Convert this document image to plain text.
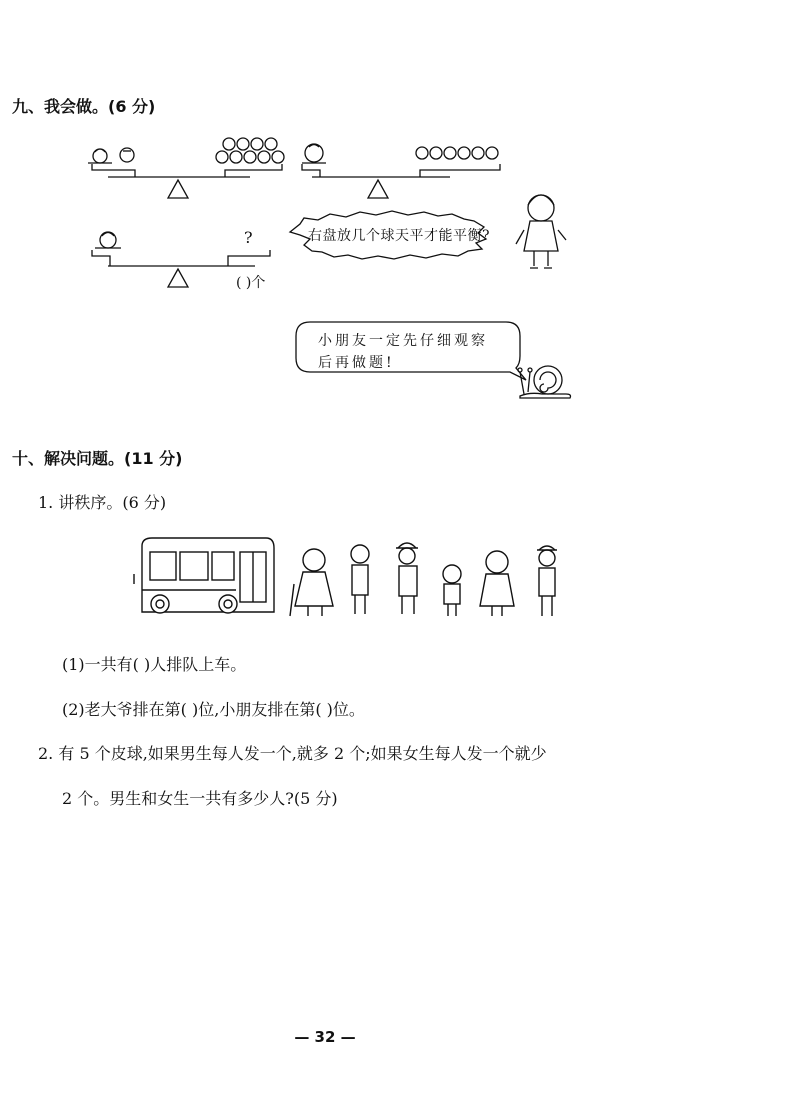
九、我会做。(6 分)
?
( )个
右盘放几个球天平才能平衡?
小朋友一定先仔细观察
后再做题!
十、解决问题。(11 分)
1. 讲秩序。(6 分)
(1)一共有( )人排队上车。
(2)老大爷排在第( )位,小朋友排在第( )位。
2. 有 5 个皮球,如果男生每人发一个,就多 2 个;如果女生每人发一个就少
2 个。男生和女生一共有多少人?(5 分)
— 32 —
